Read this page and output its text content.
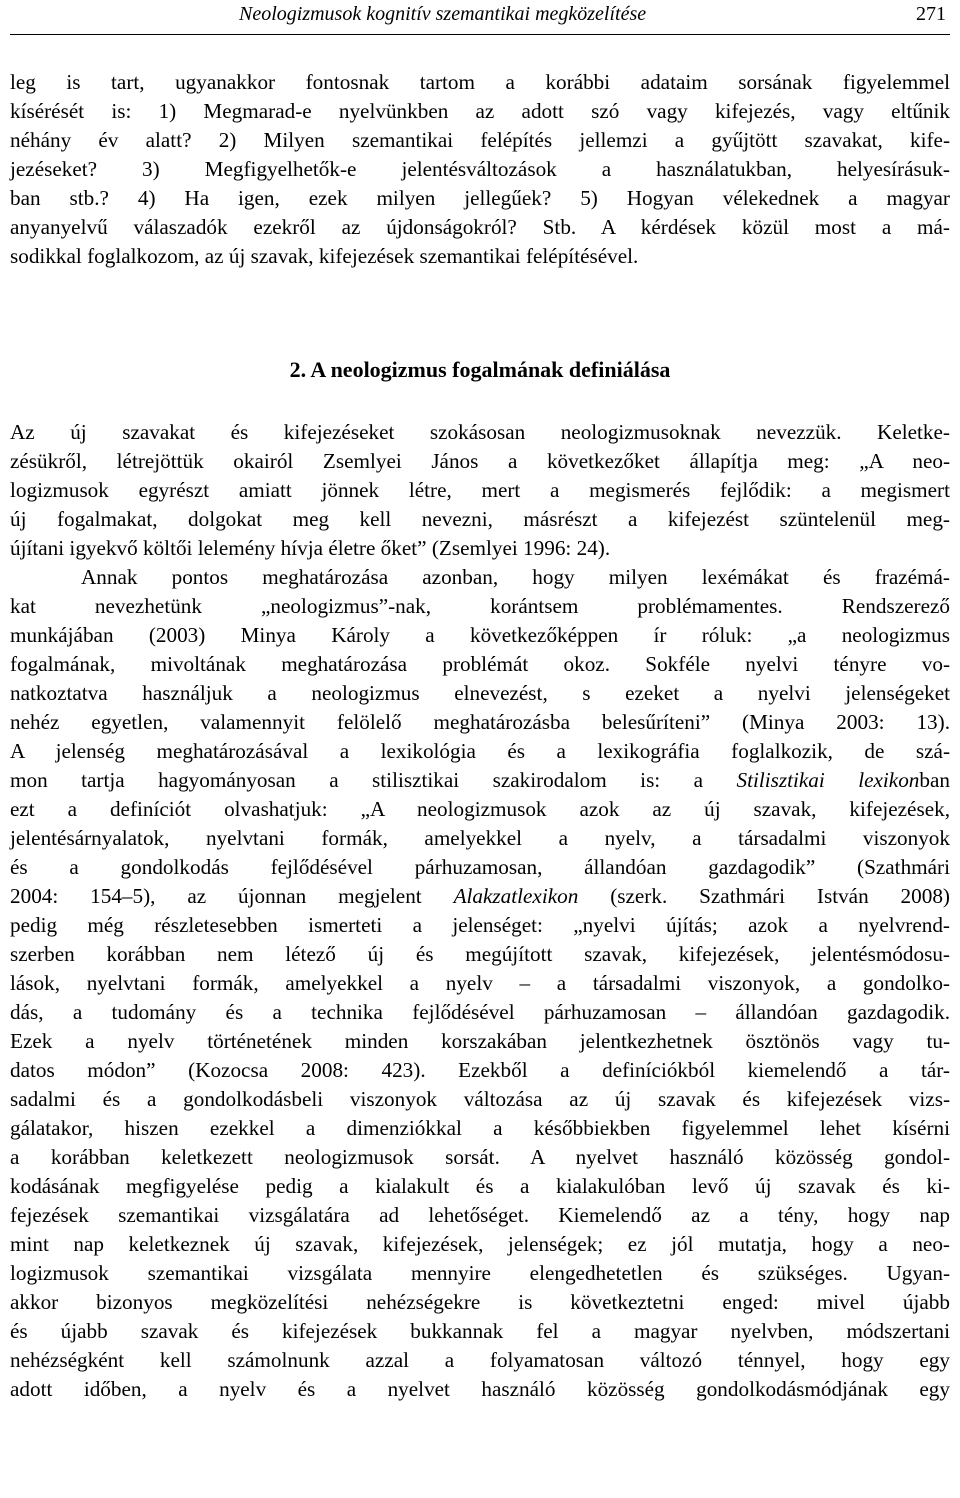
Neologizmusok kognitív szemantikai megközelítése	271
leg is tart, ugyanakkor fontosnak tartom a korábbi adataim sorsának figyelemmel
kísérését is: 1) Megmarad-e nyelvünkben az adott szó vagy kifejezés, vagy eltűnik
néhány év alatt? 2) Milyen szemantikai felépítés jellemzi a gyűjtött szavakat, kife-
jezéseket? 3) Megfigyelhetők-e jelentésváltozások a használatukban, helyesírásuk-
ban stb.? 4) Ha igen, ezek milyen jellegűek? 5) Hogyan vélekednek a magyar
anyanyelvű válaszadók ezekről az újdonságokról? Stb. A kérdések közül most a má-
sodikkal foglalkozom, az új szavak, kifejezések szemantikai felépítésével.
2. A neologizmus fogalmának definiálása
Az új szavakat és kifejezéseket szokásosan neologizmusoknak nevezzük. Keletke-
zésükről, létrejöttük okairól Zsemlyei János a következőket állapítja meg: „A neo-
logizmusok egyrészt amiatt jönnek létre, mert a megismerés fejlődik: a megismert
új fogalmakat, dolgokat meg kell nevezni, másrészt a kifejezést szüntelenül meg-
újítani igyekvő költői lelemény hívja életre őket” (Zsemlyei 1996: 24).
Annak pontos meghatározása azonban, hogy milyen lexémákat és frazémá-
kat nevezhetünk „neologizmus”-nak, korántsem problémamentes. Rendszerező
munkájában (2003) Minya Károly a következőképpen ír róluk: „a neologizmus
fogalmának, mivoltának meghatározása problémát okoz. Sokféle nyelvi tényre vo-
natkoztatva használjuk a neologizmus elnevezést, s ezeket a nyelvi jelenségeket
nehéz egyetlen, valamennyit felölelő meghatározásba belesűríteni” (Minya 2003: 13).
A jelenség meghatározásával a lexikológia és a lexikográfia foglalkozik, de szá-
mon tartja hagyományosan a stilisztikai szakirodalom is: a Stilisztikai lexikonban
ezt a definíciót olvashatjuk: „A neologizmusok azok az új szavak, kifejezések,
jelentésárnyalatok, nyelvtani formák, amelyekkel a nyelv, a társadalmi viszonyok
és a gondolkodás fejlődésével párhuzamosan, állandóan gazdagodik” (Szathmári
2004: 154–5), az újonnan megjelent Alakzatlexikon (szerk. Szathmári István 2008)
pedig még részletesebben ismerteti a jelenséget: „nyelvi újítás; azok a nyelvrend-
szerben korábban nem létező új és megújított szavak, kifejezések, jelentésmódosu-
lások, nyelvtani formák, amelyekkel a nyelv – a társadalmi viszonyok, a gondolko-
dás, a tudomány és a technika fejlődésével párhuzamosan – állandóan gazdagodik.
Ezek a nyelv történetének minden korszakában jelentkezhetnek ösztönös vagy tu-
datos módon” (Kozocsa 2008: 423). Ezekből a definíciókból kiemelendő a tár-
sadalmi és a gondolkodásbeli viszonyok változása az új szavak és kifejezések vizs-
gálatakor, hiszen ezekkel a dimenziókkal a későbbiekben figyelemmel lehet kísérni
a korábban keletkezett neologizmusok sorsát. A nyelvet használó közösség gondol-
kodásának megfigyelése pedig a kialakult és a kialakulóban levő új szavak és ki-
fejezések szemantikai vizsgálatára ad lehetőséget. Kiemelendő az a tény, hogy nap
mint nap keletkeznek új szavak, kifejezések, jelenségek; ez jól mutatja, hogy a neo-
logizmusok szemantikai vizsgálata mennyire elengedhetetlen és szükséges. Ugyan-
akkor bizonyos megközelítési nehézségekre is következtetni enged: mivel újabb
és újabb szavak és kifejezések bukkannak fel a magyar nyelvben, módszertani
nehézségként kell számolnunk azzal a folyamatosan változó ténnyel, hogy egy
adott időben, a nyelv és a nyelvet használó közösség gondolkodásmódjának egy
